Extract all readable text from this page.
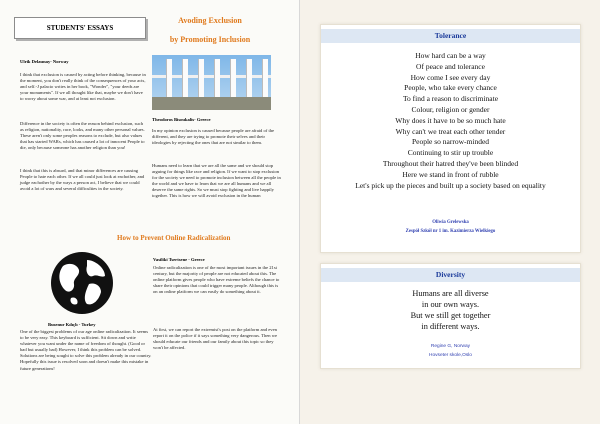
STUDENTS' ESSAYS
Avoding Exclusion
by Promoting Inclusion
Ulrik Delaunay- Norway
I think that exclusion is caused by acting before thinking, because in the moment, you don't really think of the consequences of your acts, and self.-J palacio writes in her book, "Wonder", "your deeds are your monuments". If we all thought like that, maybe we don't have to worry about some war, and at least not exclusion.
Difference in the society is often the reason behind exclusion, such as religion, nationality, race, looks, and many other personal values. These aren't only some peoples reasons to exclude, but also values that has started WARs, which has caused a lot of innocent People to die, only because someone has another religion than you!
I think that this is absurd, and that minor differences are causing People to hate each other. If we all could just look at eachother, and judge eachother by the ways a person act, I believe that we could avoid a lot of wars and several difficulties in the society.
Theodoros Bisoukalis- Greece
In my opinion exclusion is caused because people are afraid of the different, and they are trying to promote their selves and their ideologies by rejecting the ones that are not similar to them.
Humans need to learn that we are all the same and we should stop arguing for things like race and religion. If we want to stop exclusion for the society we need to promote inclusion between all the people in the world and we have to learn that we are all humans and we all deserve the same rights. So we must stop fighting and live happily together. This is how we will avoid exclusion in the human
How to Prevent Online Radicalization
Busenur Kılıçlı - Turkey
One of the biggest problems of our age online radicalization. It seems to be very easy. This keyboard is sufficient. Sit down and write whatever you want under the name of freedom of thought. (Good or bad but usually bad) However, I think this problem can be solved. Solutions are being sought to solve this problem already in our country. Hopefully this issue is resolved soon and doesn't make this mistake in future generations!
Vasiliki Tsertsene - Greece
Online radicalization is one of the most important issues in the 21st century, but the majority of people are not educated about this. The online platform gives people who have extreme beliefs the chance to share their opinions that could trigger many people. Although this is on an online platform we can easily do something about it.
At first, we can report the extremist's post on the platform and even report it on the police if it says something very dangerous. Then we should educate our friends and our family about this topic so they won't be affected.
Tolerance
How hard can be a way
Of peace and tolerance
How come I see every day
People, who take every chance
To find a reason to discriminate
Colour, religion or gender
Why does it have to be so much hate
Why can't we treat each other tender
People so narrow-minded
Continuing to stir up trouble
Throughout their hatred they've been blinded
Here we stand in front of rubble
Let's pick up the pieces and built up a society based on equality
Oliwia Grelewska
Zespół Szkół nr 1 im. Kazimierza Wielkiego
Diversity
Humans are all diverse
in our own ways.
But we still get together
in different ways.
Regine G, Norway
Hovseter skole,Oslo
